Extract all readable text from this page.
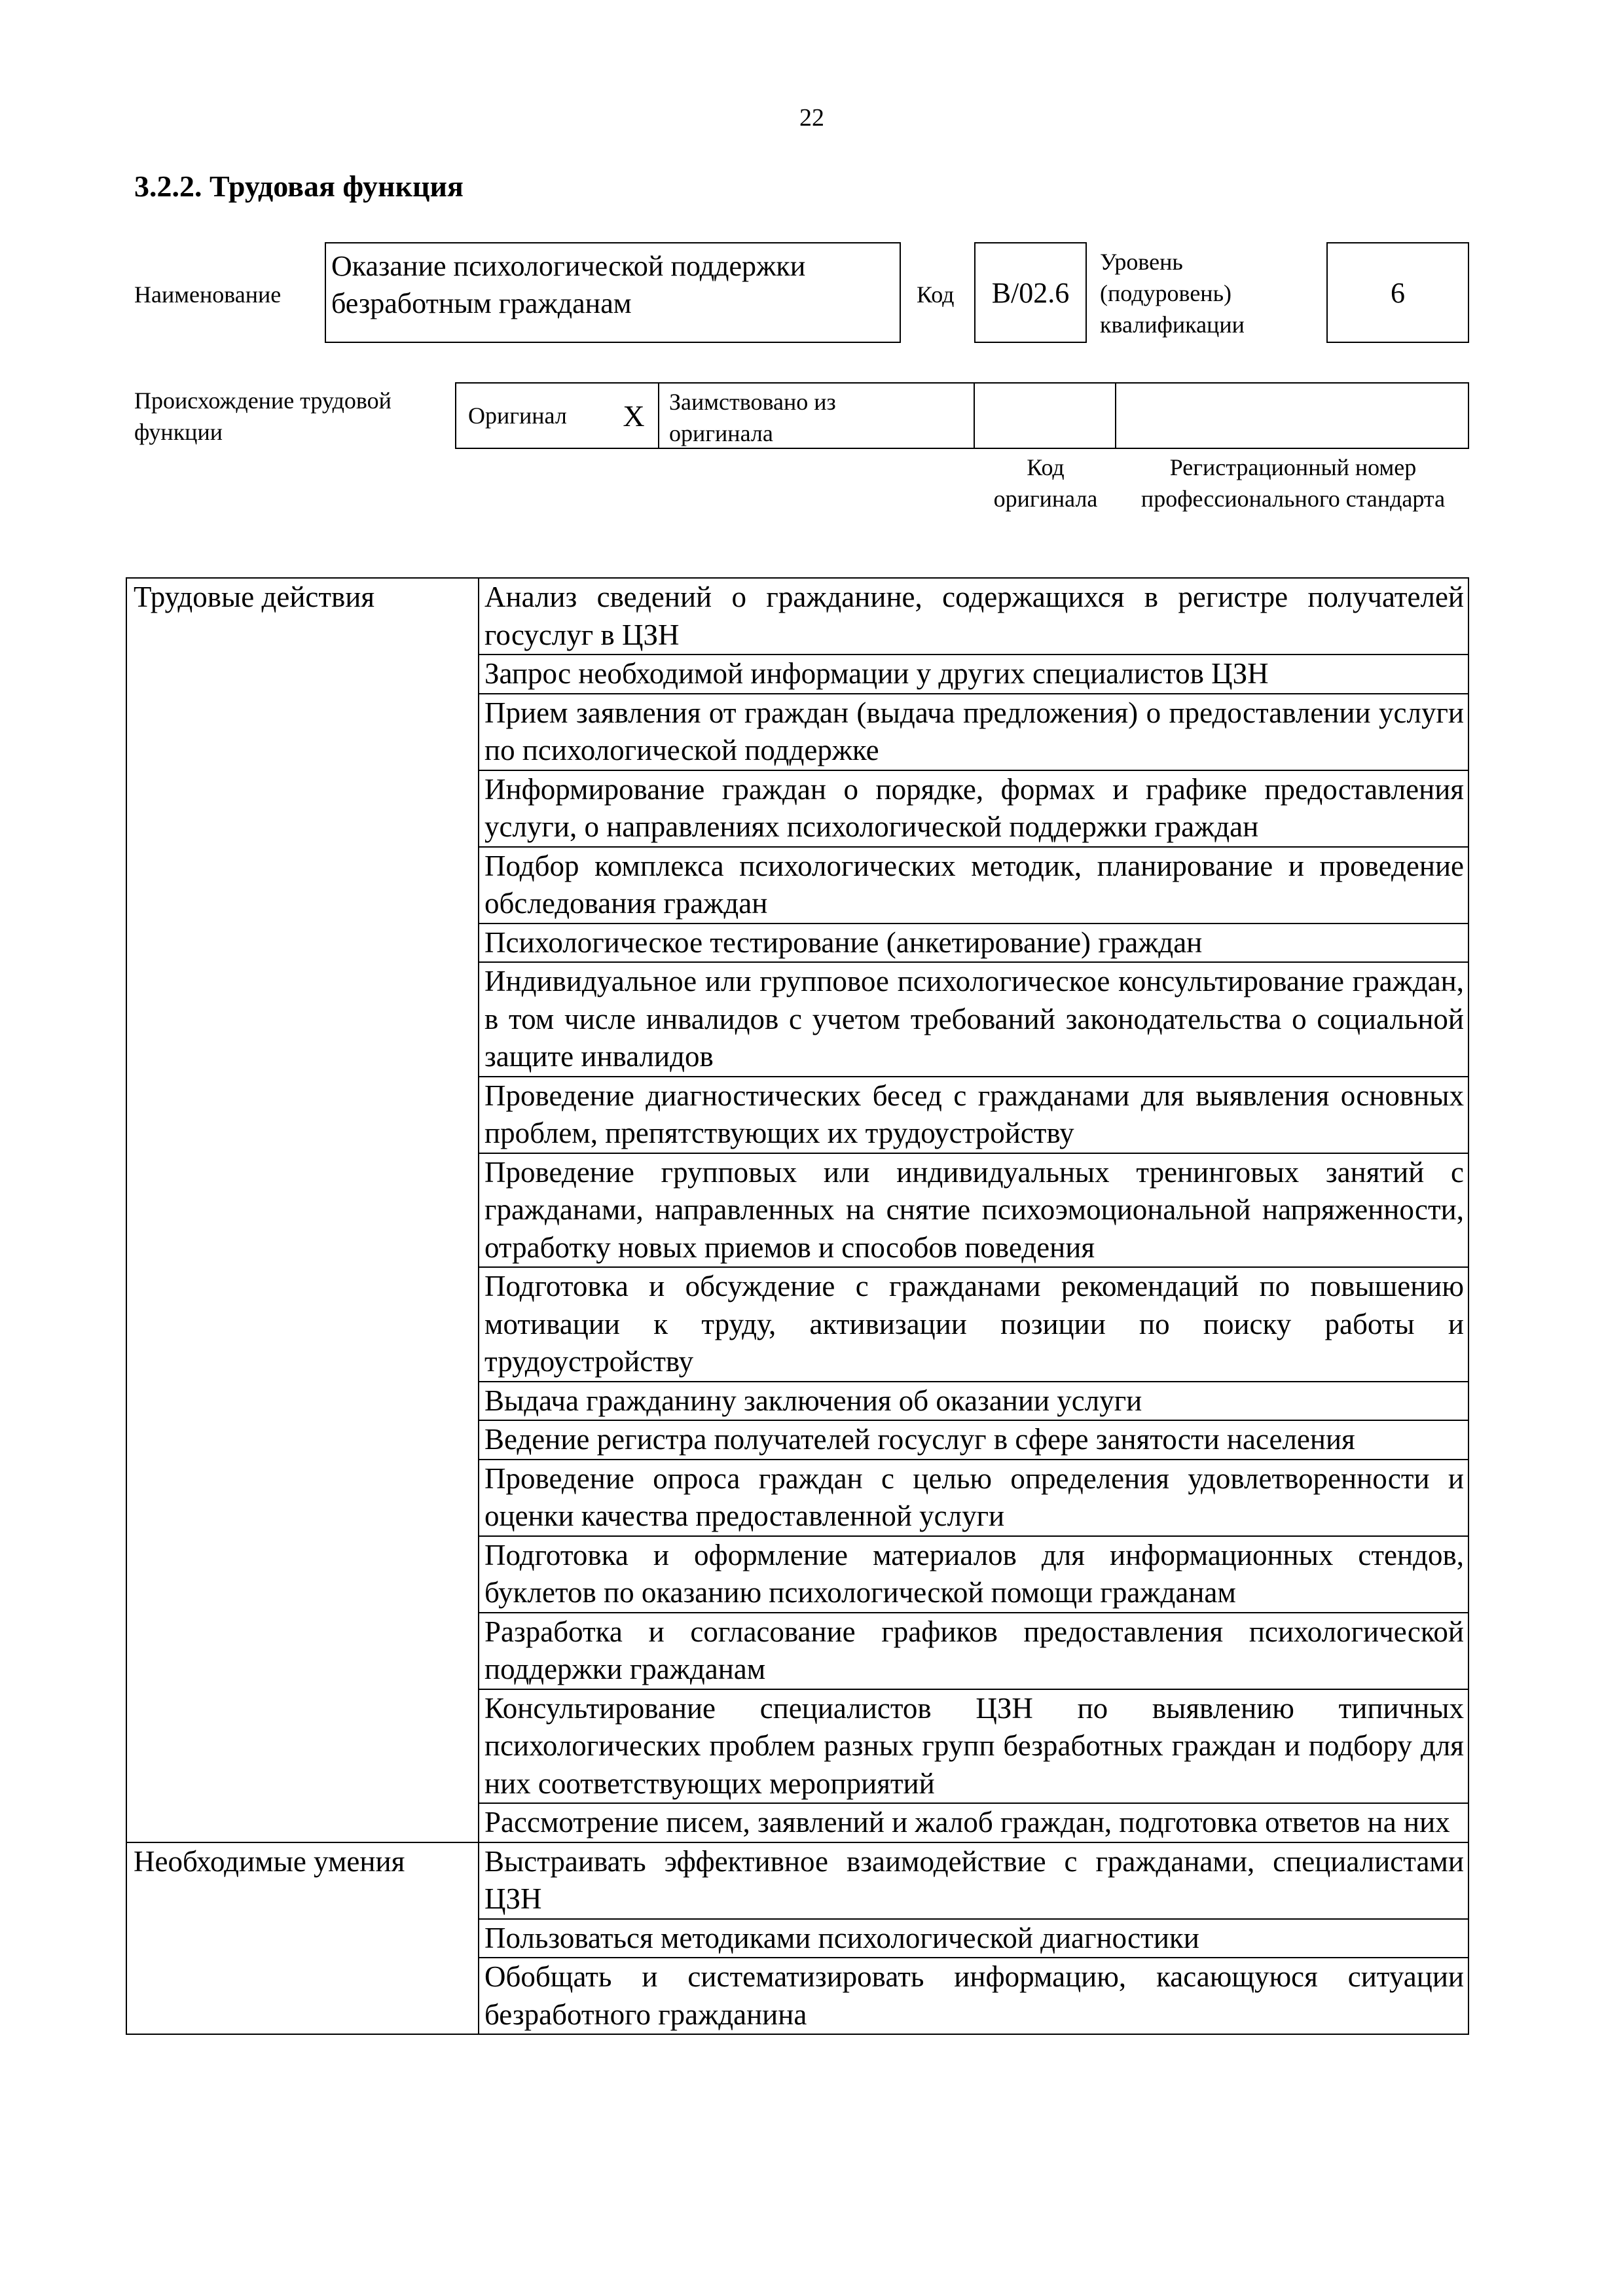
22
3.2.2. Трудовая функция
Наименование
Оказание психологической поддержки безработным гражданам	Код	B/02.6
Уровень (подуровень) квалификации
6
Происхождение трудовой функции
Оригинал	X	Заимствовано из оригинала
Код оригинала
Регистрационный номер профессионального стандарта
Трудовые действия	Анализ сведений о гражданине, содержащихся в регистре получателей госуслуг в ЦЗН
	Запрос необходимой информации у других специалистов ЦЗН
	Прием заявления от граждан (выдача предложения) о предоставлении услуги по психологической поддержке
	Информирование граждан о порядке, формах и графике предоставления услуги, о направлениях психологической поддержки граждан
	Подбор комплекса психологических методик, планирование и проведение обследования граждан
	Психологическое тестирование (анкетирование) граждан
	Индивидуальное или групповое психологическое консультирование граждан, в том числе инвалидов с учетом требований законодательства о социальной защите инвалидов
	Проведение диагностических бесед с гражданами для выявления основных проблем, препятствующих их трудоустройству
	Проведение групповых или индивидуальных тренинговых занятий с гражданами, направленных на снятие психоэмоциональной напряженности, отработку новых приемов и способов поведения
	Подготовка и обсуждение с гражданами рекомендаций по повышению мотивации к труду, активизации позиции по поиску работы и трудоустройству
	Выдача гражданину заключения об оказании услуги
	Ведение регистра получателей госуслуг в сфере занятости населения
	Проведение опроса граждан с целью определения удовлетворенности и оценки качества предоставленной услуги
	Подготовка и оформление материалов для информационных стендов, буклетов по оказанию психологической помощи гражданам
	Разработка и согласование графиков предоставления психологической поддержки гражданам
	Консультирование специалистов ЦЗН по выявлению типичных психологических проблем разных групп безработных граждан и подбору для них соответствующих мероприятий
	Рассмотрение писем, заявлений и жалоб граждан, подготовка ответов на них
Необходимые умения	Выстраивать эффективное взаимодействие с гражданами, специалистами ЦЗН
	Пользоваться методиками психологической диагностики
	Обобщать и систематизировать информацию, касающуюся ситуации безработного гражданина
